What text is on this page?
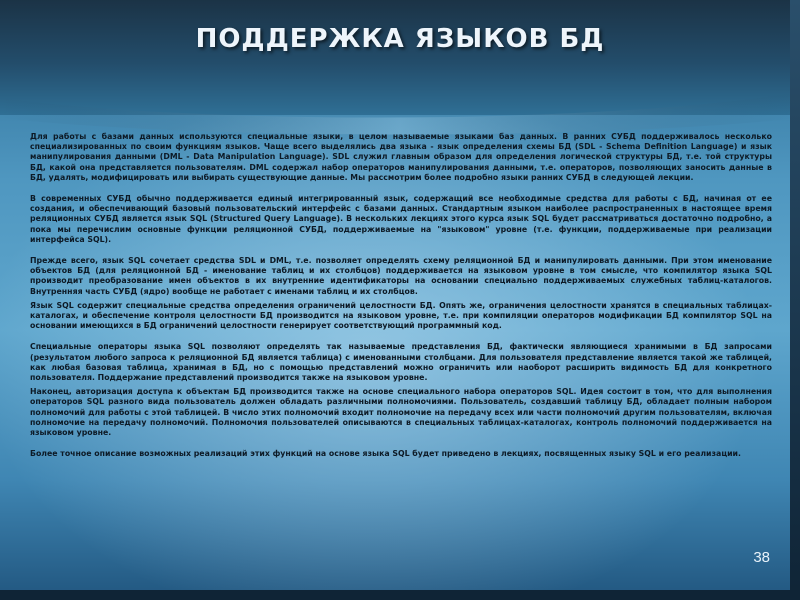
ПОДДЕРЖКА ЯЗЫКОВ БД

Для работы с базами данных используются специальные языки, в целом называемые языками баз данных. В ранних СУБД поддерживалось несколько специализированных по своим функциям языков. Чаще всего выделялись два языка - язык определения схемы БД (SDL - Schema Definition Language) и язык манипулирования данными (DML - Data Manipulation Language). SDL служил главным образом для определения логической структуры БД, т.е. той структуры БД, какой она представляется пользователям. DML содержал набор операторов манипулирования данными, т.е. операторов, позволяющих заносить данные в БД, удалять, модифицировать или выбирать существующие данные. Мы рассмотрим более подробно языки ранних СУБД в следующей лекции.

В современных СУБД обычно поддерживается единый интегрированный язык, содержащий все необходимые средства для работы с БД, начиная от ее создания, и обеспечивающий базовый пользовательский интерфейс с базами данных. Стандартным языком наиболее распространенных в настоящее время реляционных СУБД является язык SQL (Structured Query Language). В нескольких лекциях этого курса язык SQL будет рассматриваться достаточно подробно, а пока мы перечислим основные функции реляционной СУБД, поддерживаемые на "языковом" уровне (т.е. функции, поддерживаемые при реализации интерфейса SQL).

Прежде всего, язык SQL сочетает средства SDL и DML, т.е. позволяет определять схему реляционной БД и манипулировать данными. При этом именование объектов БД (для реляционной БД - именование таблиц и их столбцов) поддерживается на языковом уровне в том смысле, что компилятор языка SQL производит преобразование имен объектов в их внутренние идентификаторы на основании специально поддерживаемых служебных таблиц-каталогов. Внутренняя часть СУБД (ядро) вообще не работает с именами таблиц и их столбцов.

Язык SQL содержит специальные средства определения ограничений целостности БД. Опять же, ограничения целостности хранятся в специальных таблицах-каталогах, и обеспечение контроля целостности БД производится на языковом уровне, т.е. при компиляции операторов модификации БД компилятор SQL на основании имеющихся в БД ограничений целостности генерирует соответствующий программный код.

Специальные операторы языка SQL позволяют определять так называемые представления БД, фактически являющиеся хранимыми в БД запросами (результатом любого запроса к реляционной БД является таблица) с именованными столбцами. Для пользователя представление является такой же таблицей, как любая базовая таблица, хранимая в БД, но с помощью представлений можно ограничить или наоборот расширить видимость БД для конкретного пользователя. Поддержание представлений производится также на языковом уровне.

Наконец, авторизация доступа к объектам БД производится также на основе специального набора операторов SQL. Идея состоит в том, что для выполнения операторов SQL разного вида пользователь должен обладать различными полномочиями. Пользователь, создавший таблицу БД, обладает полным набором полномочий для работы с этой таблицей. В число этих полномочий входит полномочие на передачу всех или части полномочий другим пользователям, включая полномочие на передачу полномочий. Полномочия пользователей описываются в специальных таблицах-каталогах, контроль полномочий поддерживается на языковом уровне.

Более точное описание возможных реализаций этих функций на основе языка SQL будет приведено в лекциях, посвященных языку SQL и его реализации.

38
